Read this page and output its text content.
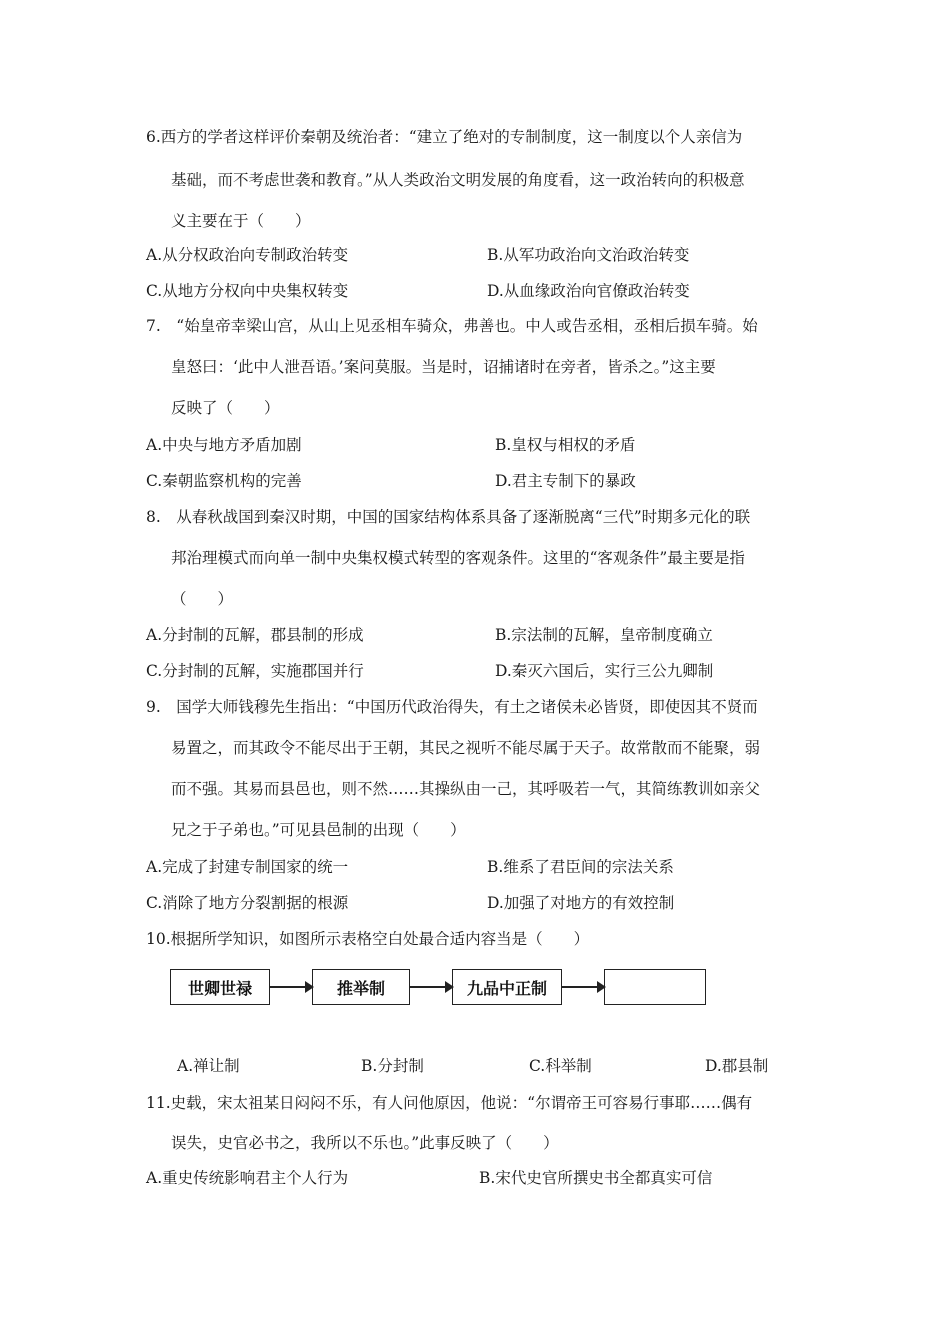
6.西方的学者这样评价秦朝及统治者：“建立了绝对的专制制度，这一制度以个人亲信为
基础，而不考虑世袭和教育。”从人类政治文明发展的角度看，这一政治转向的积极意
义主要在于（　　）
A.从分权政治向专制政治转变	B.从军功政治向文治政治转变
C.从地方分权向中央集权转变	D.从血缘政治向官僚政治转变
7.　“始皇帝幸梁山宫，从山上见丞相车骑众，弗善也。中人或告丞相，丞相后损车骑。始
皇怒曰：‘此中人泄吾语。’案问莫服。当是时，诏捕诸时在旁者，皆杀之。”这主要
反映了（　　）
A.中央与地方矛盾加剧	B.皇权与相权的矛盾
C.秦朝监察机构的完善	D.君主专制下的暴政
8.　从春秋战国到秦汉时期，中国的国家结构体系具备了逐渐脱离“三代”时期多元化的联
邦治理模式而向单一制中央集权模式转型的客观条件。这里的“客观条件”最主要是指
（　　）
A.分封制的瓦解，郡县制的形成	B.宗法制的瓦解，皇帝制度确立
C.分封制的瓦解，实施郡国并行	D.秦灭六国后，实行三公九卿制
9.　国学大师钱穆先生指出：“中国历代政治得失，有土之诸侯未必皆贤，即使因其不贤而
易置之，而其政令不能尽出于王朝，其民之视听不能尽属于天子。故常散而不能聚，弱
而不强。其易而县邑也，则不然……其操纵由一己，其呼吸若一气，其简练教训如亲父
兄之于子弟也。”可见县邑制的出现（　　）
A.完成了封建专制国家的统一	B.维系了君臣间的宗法关系
C.消除了地方分裂割据的根源	D.加强了对地方的有效控制
10.根据所学知识，如图所示表格空白处最合适内容当是（　　）
世卿世禄	推举制	九品中正制
A.禅让制	B.分封制	C.科举制	D.郡县制
11.史载，宋太祖某日闷闷不乐，有人问他原因，他说：“尔谓帝王可容易行事耶……偶有
误失，史官必书之，我所以不乐也。”此事反映了（　　）
A.重史传统影响君主个人行为	B.宋代史官所撰史书全都真实可信
